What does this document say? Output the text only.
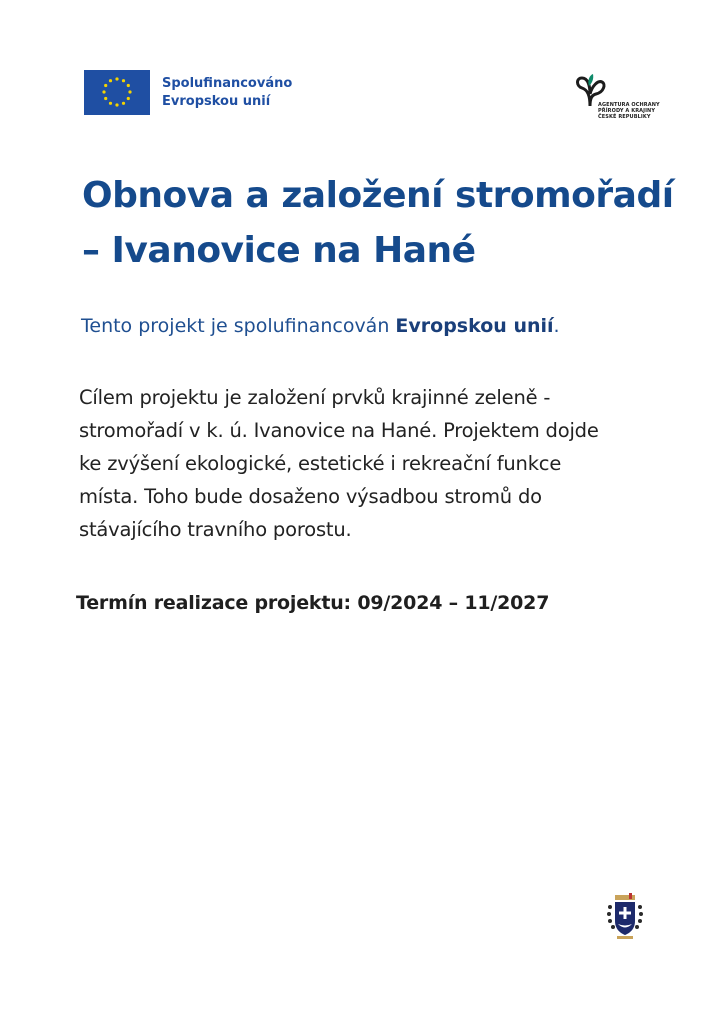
Spolufinancováno
Evropskou unií	AGENTURA OCHRANY
PŘÍRODY A KRAJINY
ČESKÉ REPUBLIKY
Obnova a založení stromořadí
– Ivanovice na Hané
Tento projekt je spolufinancován Evropskou unií.
Cílem projektu je založení prvků krajinné zeleně -
stromořadí v k. ú. Ivanovice na Hané. Projektem dojde
ke zvýšení ekologické, estetické i rekreační funkce
místa. Toho bude dosaženo výsadbou stromů do
stávajícího travního porostu.
Termín realizace projektu: 09/2024 – 11/2027
